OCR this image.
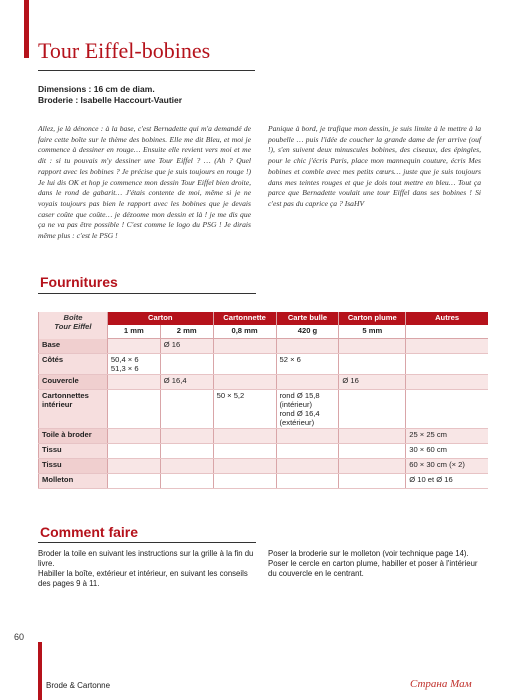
Tour Eiffel-bobines
Dimensions : 16 cm de diam.
Broderie : Isabelle Haccourt-Vautier
Allez, je là dénonce : à la base, c'est Bernadette qui m'a demandé de faire cette boîte sur le thème des bobines. Elle me dit Bleu, et moi je commence à dessiner en rouge… Ensuite elle revient vers moi et me dit : si tu pouvais m'y dessiner une Tour Eiffel ? … (Ah ? Quel rapport avec les bobines ? Je précise que je suis toujours en rouge !) Je lui dis OK et hop je commence mon dessin Tour Eiffel bien droite, dans le rond de gabarit… J'étais contente de moi, même si je ne voyais toujours pas bien le rapport avec les bobines que je devais caser coûte que coûte… je dézoome mon dessin et là ! je me dis que ça ne va pas être possible ! C'est comme le logo du PSG ! Je dirais même plus : c'est le PSG !
Panique à bord, je trafique mon dessin, je suis limite à le mettre à la poubelle … puis l'idée de coucher la grande dame de fer arrive (ouf !), s'en suivent deux minuscules bobines, des ciseaux, des épingles, pour le chic j'écris Paris, place mon mannequin couture, écris Mes bobines et comble avec mes petits cœurs… juste que je suis toujours dans mes teintes rouges et que je dois tout mettre en bleu… Tout ça parce que Bernadette voulait une tour Eiffel dans ses bobines ! Si c'est pas du caprice ça ? IsaHV
Fournitures
Boîte
Tour Eiffel	Carton		Cartonnette	Carte bulle	Carton plume	Autres
	1 mm	2 mm	0,8 mm	420 g	5 mm	
Base		Ø 16				
Côtés	50,4 × 6
51,3 × 6			52 × 6		
Couvercle		Ø 16,4			Ø 16	
Cartonnettes intérieur			50 × 5,2	rond Ø 15,8
(intérieur)
rond Ø 16,4
(extérieur)		
Toile à broder						25 × 25 cm
Tissu						30 × 60 cm
Tissu						60 × 30 cm (× 2)
Molleton						Ø 10 et Ø 16
Comment faire

Broder la toile en suivant les instructions sur la grille à la fin du livre.

Habiller la boîte, extérieur et intérieur, en suivant les conseils des pages 9 à 11.

Poser la broderie sur le molleton (voir technique page 14). Poser le cercle en carton plume, habiller et poser à l'intérieur du couvercle en le centrant.

60
Brode & Cartonne	Страна Мам
